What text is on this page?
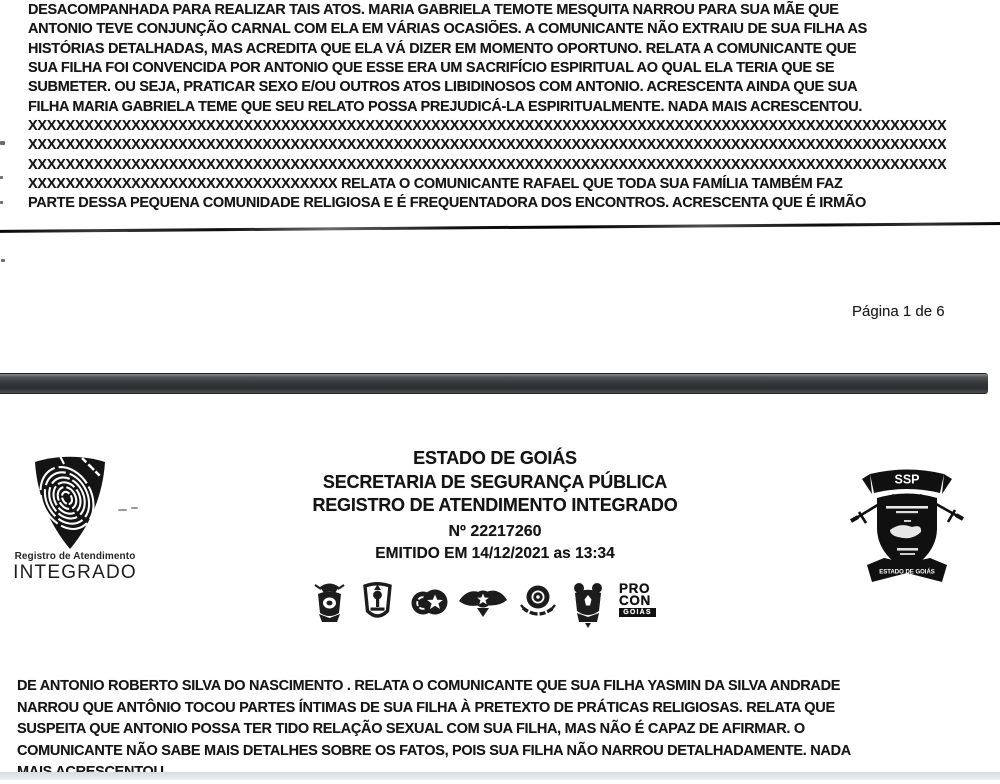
DESACOMPANHADA PARA REALIZAR TAIS ATOS. MARIA GABRIELA TEMOTE MESQUITA NARROU PARA SUA MÃE QUE
ANTONIO TEVE CONJUNÇÃO CARNAL COM ELA EM VÁRIAS OCASIÕES. A COMUNICANTE NÃO EXTRAIU DE SUA FILHA AS
HISTÓRIAS DETALHADAS, MAS ACREDITA QUE ELA VÁ DIZER EM MOMENTO OPORTUNO. RELATA A COMUNICANTE QUE
SUA FILHA FOI CONVENCIDA POR ANTONIO QUE ESSE ERA UM SACRIFÍCIO ESPIRITUAL AO QUAL ELA TERIA QUE SE
SUBMETER. OU SEJA, PRATICAR SEXO E/OU OUTROS ATOS LIBIDINOSOS COM ANTONIO. ACRESCENTA AINDA QUE SUA
FILHA MARIA GABRIELA TEME QUE SEU RELATO POSSA PREJUDICÁ-LA ESPIRITUALMENTE. NADA MAIS ACRESCENTOU.
XXXXXXXXXXXXXXXXXXXXXXXXXXXXXXXXXXXXXXXXXXXXXXXXXXXXXXXXXXXXXXXXXXXXXXXXXXXXXXXXXXXXXXXXXXXXXXXXXX
XXXXXXXXXXXXXXXXXXXXXXXXXXXXXXXXXXXXXXXXXXXXXXXXXXXXXXXXXXXXXXXXXXXXXXXXXXXXXXXXXXXXXXXXXXXXXXXXXX
XXXXXXXXXXXXXXXXXXXXXXXXXXXXXXXXXXXXXXXXXXXXXXXXXXXXXXXXXXXXXXXXXXXXXXXXXXXXXXXXXXXXXXXXXXXXXXXXXX
XXXXXXXXXXXXXXXXXXXXXXXXXXXXXXXXX RELATA O COMUNICANTE RAFAEL QUE TODA SUA FAMÍLIA TAMBÉM FAZ
PARTE DESSA PEQUENA COMUNIDADE RELIGIOSA E É FREQUENTADORA DOS ENCONTROS. ACRESCENTA QUE É IRMÃO
Página 1 de 6
Registro de Atendimento
INTEGRADO
ESTADO DE GOIÁS
SECRETARIA DE SEGURANÇA PÚBLICA
REGISTRO DE ATENDIMENTO INTEGRADO
Nº 22217260
EMITIDO EM 14/12/2021 as 13:34
SSP
ESTADO DE GOIÁS
PRO
CON
GOIÁS
DE ANTONIO ROBERTO SILVA DO NASCIMENTO . RELATA O COMUNICANTE QUE SUA FILHA YASMIN DA SILVA ANDRADE
NARROU QUE ANTÔNIO TOCOU PARTES ÍNTIMAS DE SUA FILHA À PRETEXTO DE PRÁTICAS RELIGIOSAS. RELATA QUE
SUSPEITA QUE ANTONIO POSSA TER TIDO RELAÇÃO SEXUAL COM SUA FILHA, MAS NÃO É CAPAZ DE AFIRMAR. O
COMUNICANTE NÃO SABE MAIS DETALHES SOBRE OS FATOS, POIS SUA FILHA NÃO NARROU DETALHADAMENTE. NADA
